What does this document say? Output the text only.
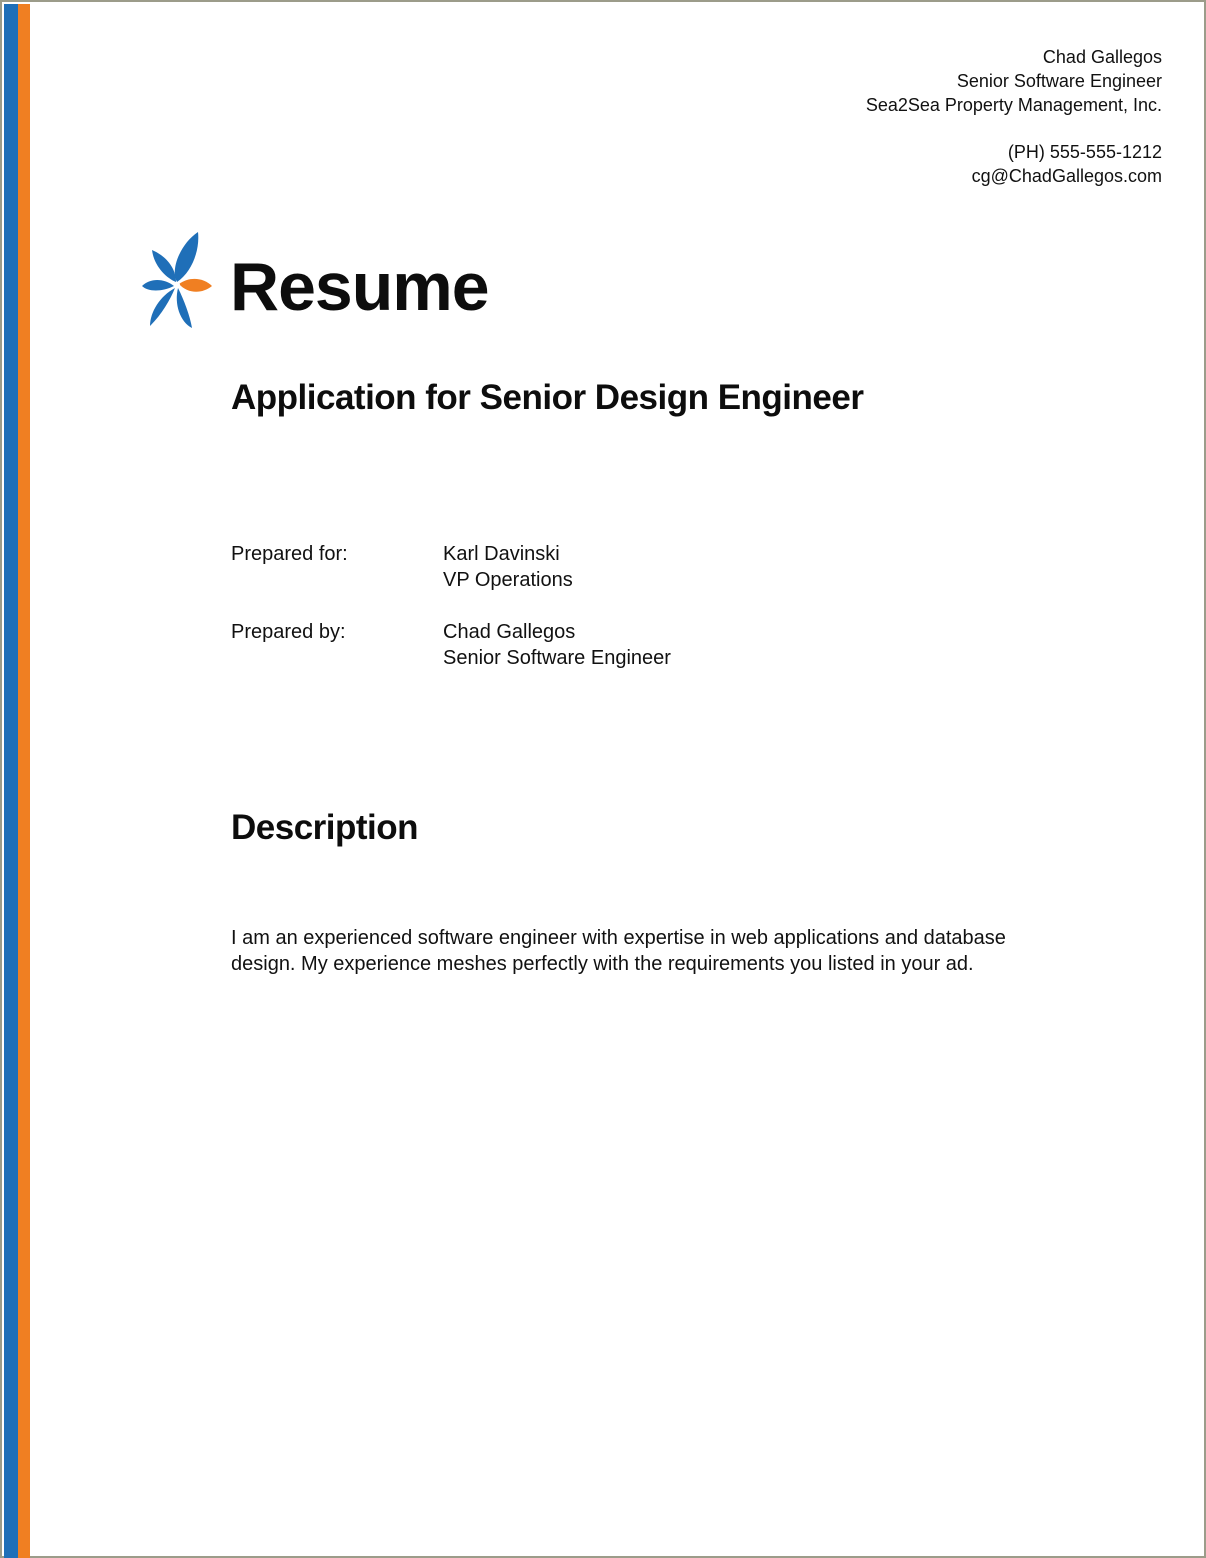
Chad Gallegos
Senior Software Engineer
Sea2Sea Property Management, Inc.
(PH) 555-555-1212
cg@ChadGallegos.com
Resume
Application for Senior Design Engineer
Prepared for:	Karl Davinski
VP Operations
Prepared by:	Chad Gallegos
Senior Software Engineer
Description
I am an experienced software engineer with expertise in web applications and database design. My experience meshes perfectly with the requirements you listed in your ad.
